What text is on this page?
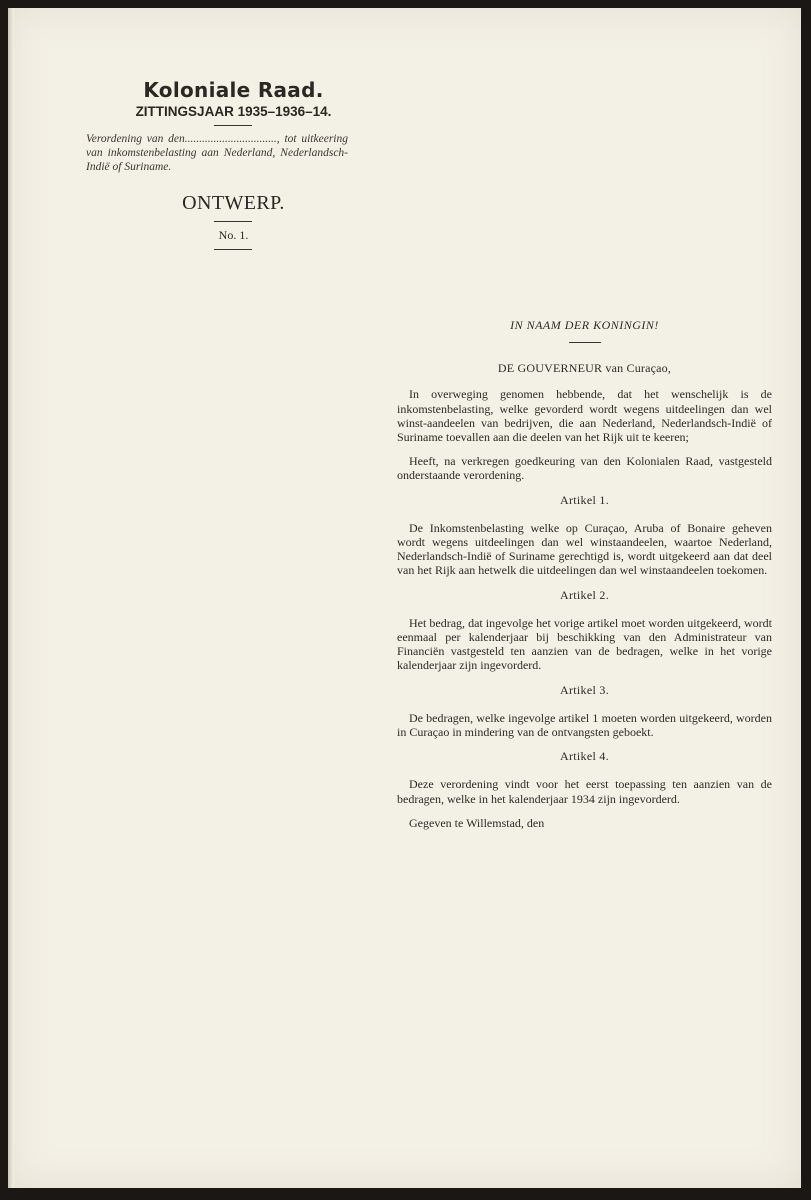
Koloniale Raad.
ZITTINGSJAAR 1935–1936–14.
Verordening van den................................, tot uitkeering van inkomstenbelasting aan Nederland, Nederlandsch-Indië of Suriname.
ONTWERP.
No. 1.
IN NAAM DER KONINGIN!
DE GOUVERNEUR van Curaçao,

In overweging genomen hebbende, dat het wenschelijk is de inkomstenbelasting, welke gevorderd wordt wegens uitdeelingen dan wel winst-aandeelen van bedrijven, die aan Nederland, Nederlandsch-Indië of Suriname toevallen aan die deelen van het Rijk uit te keeren;

Heeft, na verkregen goedkeuring van den Kolonialen Raad, vastgesteld onderstaande verordening.

Artikel 1.

De Inkomstenbelasting welke op Curaçao, Aruba of Bonaire geheven wordt wegens uitdeelingen dan wel winstaandeelen, waartoe Nederland, Nederlandsch-Indië of Suriname gerechtigd is, wordt uitgekeerd aan dat deel van het Rijk aan hetwelk die uitdeelingen dan wel winstaandeelen toekomen.

Artikel 2.

Het bedrag, dat ingevolge het vorige artikel moet worden uitgekeerd, wordt eenmaal per kalenderjaar bij beschikking van den Administrateur van Financiën vastgesteld ten aanzien van de bedragen, welke in het vorige kalenderjaar zijn ingevorderd.

Artikel 3.

De bedragen, welke ingevolge artikel 1 moeten worden uitgekeerd, worden in Curaçao in mindering van de ontvangsten geboekt.

Artikel 4.

Deze verordening vindt voor het eerst toepassing ten aanzien van de bedragen, welke in het kalenderjaar 1934 zijn ingevorderd.

Gegeven te Willemstad, den
